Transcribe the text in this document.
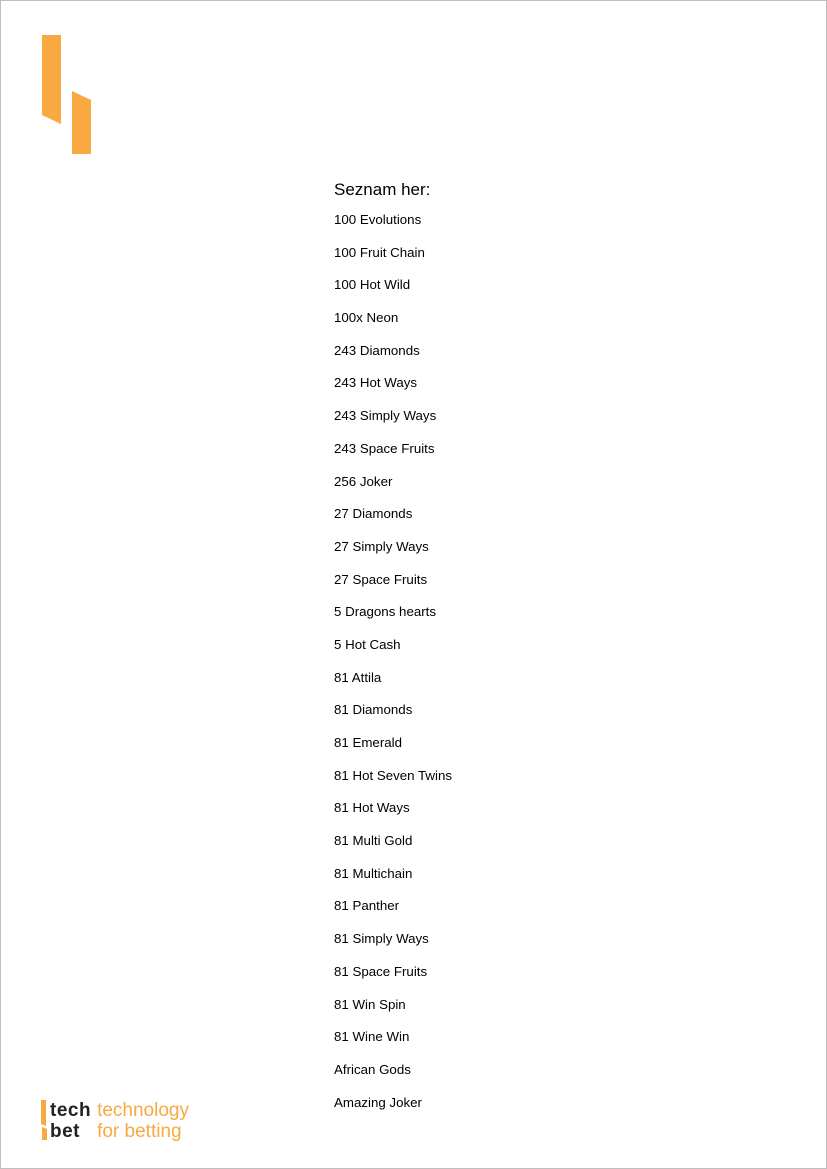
Seznam her:
100 Evolutions
100 Fruit Chain
100 Hot Wild
100x Neon
243 Diamonds
243 Hot Ways
243 Simply Ways
243 Space Fruits
256 Joker
27 Diamonds
27 Simply Ways
27 Space Fruits
5 Dragons hearts
5 Hot Cash
81 Attila
81 Diamonds
81 Emerald
81 Hot Seven Twins
81 Hot Ways
81 Multi Gold
81 Multichain
81 Panther
81 Simply Ways
81 Space Fruits
81 Win Spin
81 Wine Win
African Gods
Amazing Joker
tech
bet
technology
for betting
